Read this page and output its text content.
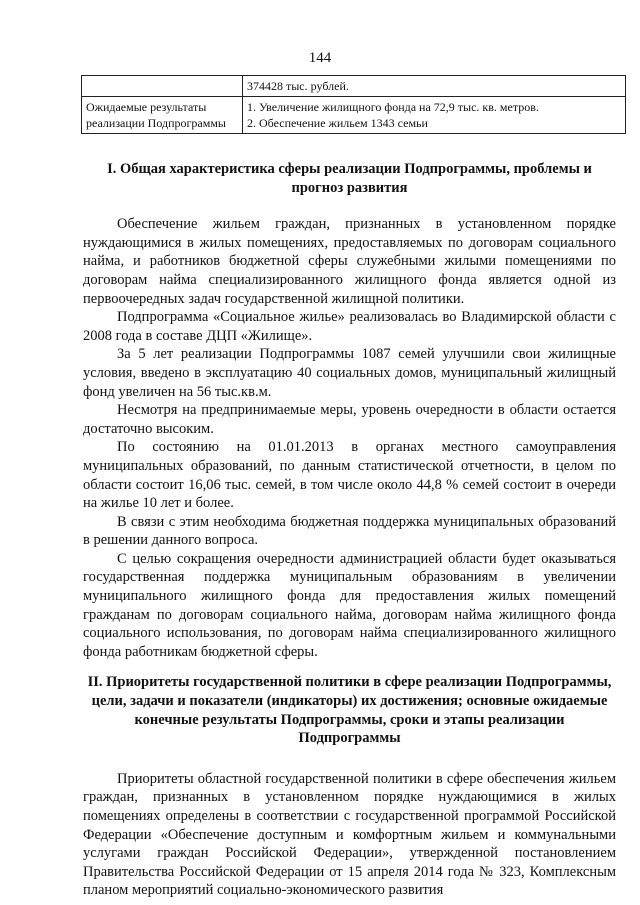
144
	374428 тыс. рублей.
Ожидаемые результаты реализации Подпрограммы	1. Увеличение жилищного фонда на 72,9 тыс. кв. метров.
2. Обеспечение жильем 1343 семьи
I. Общая характеристика сферы реализации Подпрограммы, проблемы и прогноз развития

Обеспечение жильем граждан, признанных в установленном порядке нуждающимися в жилых помещениях, предоставляемых по договорам социального найма, и работников бюджетной сферы служебными жилыми помещениями по договорам найма специализированного жилищного фонда является одной из первоочередных задач государственной жилищной политики.

Подпрограмма «Социальное жилье» реализовалась во Владимирской области с 2008 года в составе ДЦП «Жилище».

За 5 лет реализации Подпрограммы 1087 семей улучшили свои жилищные условия, введено в эксплуатацию 40 социальных домов, муниципальный жилищный фонд увеличен на 56 тыс.кв.м.

Несмотря на предпринимаемые меры, уровень очередности в области остается достаточно высоким.

По состоянию на 01.01.2013 в органах местного самоуправления муниципальных образований, по данным статистической отчетности, в целом по области состоит 16,06 тыс. семей, в том числе около 44,8 % семей состоит в очереди на жилье 10 лет и более.

В связи с этим необходима бюджетная поддержка муниципальных образований в решении данного вопроса.

С целью сокращения очередности администрацией области будет оказываться государственная поддержка муниципальным образованиям в увеличении муниципального жилищного фонда для предоставления жилых помещений гражданам по договорам социального найма, договорам найма жилищного фонда социального использования, по договорам найма специализированного жилищного фонда работникам бюджетной сферы.

II. Приоритеты государственной политики в сфере реализации Подпрограммы, цели, задачи и показатели (индикаторы) их достижения; основные ожидаемые конечные результаты Подпрограммы, сроки и этапы реализации Подпрограммы

Приоритеты областной государственной политики в сфере обеспечения жильем граждан, признанных в установленном порядке нуждающимися в жилых помещениях определены в соответствии с государственной программой Российской Федерации «Обеспечение доступным и комфортным жильем и коммунальными услугами граждан Российской Федерации», утвержденной постановлением Правительства Российской Федерации от 15 апреля 2014 года № 323, Комплексным планом мероприятий социально-экономического развития
